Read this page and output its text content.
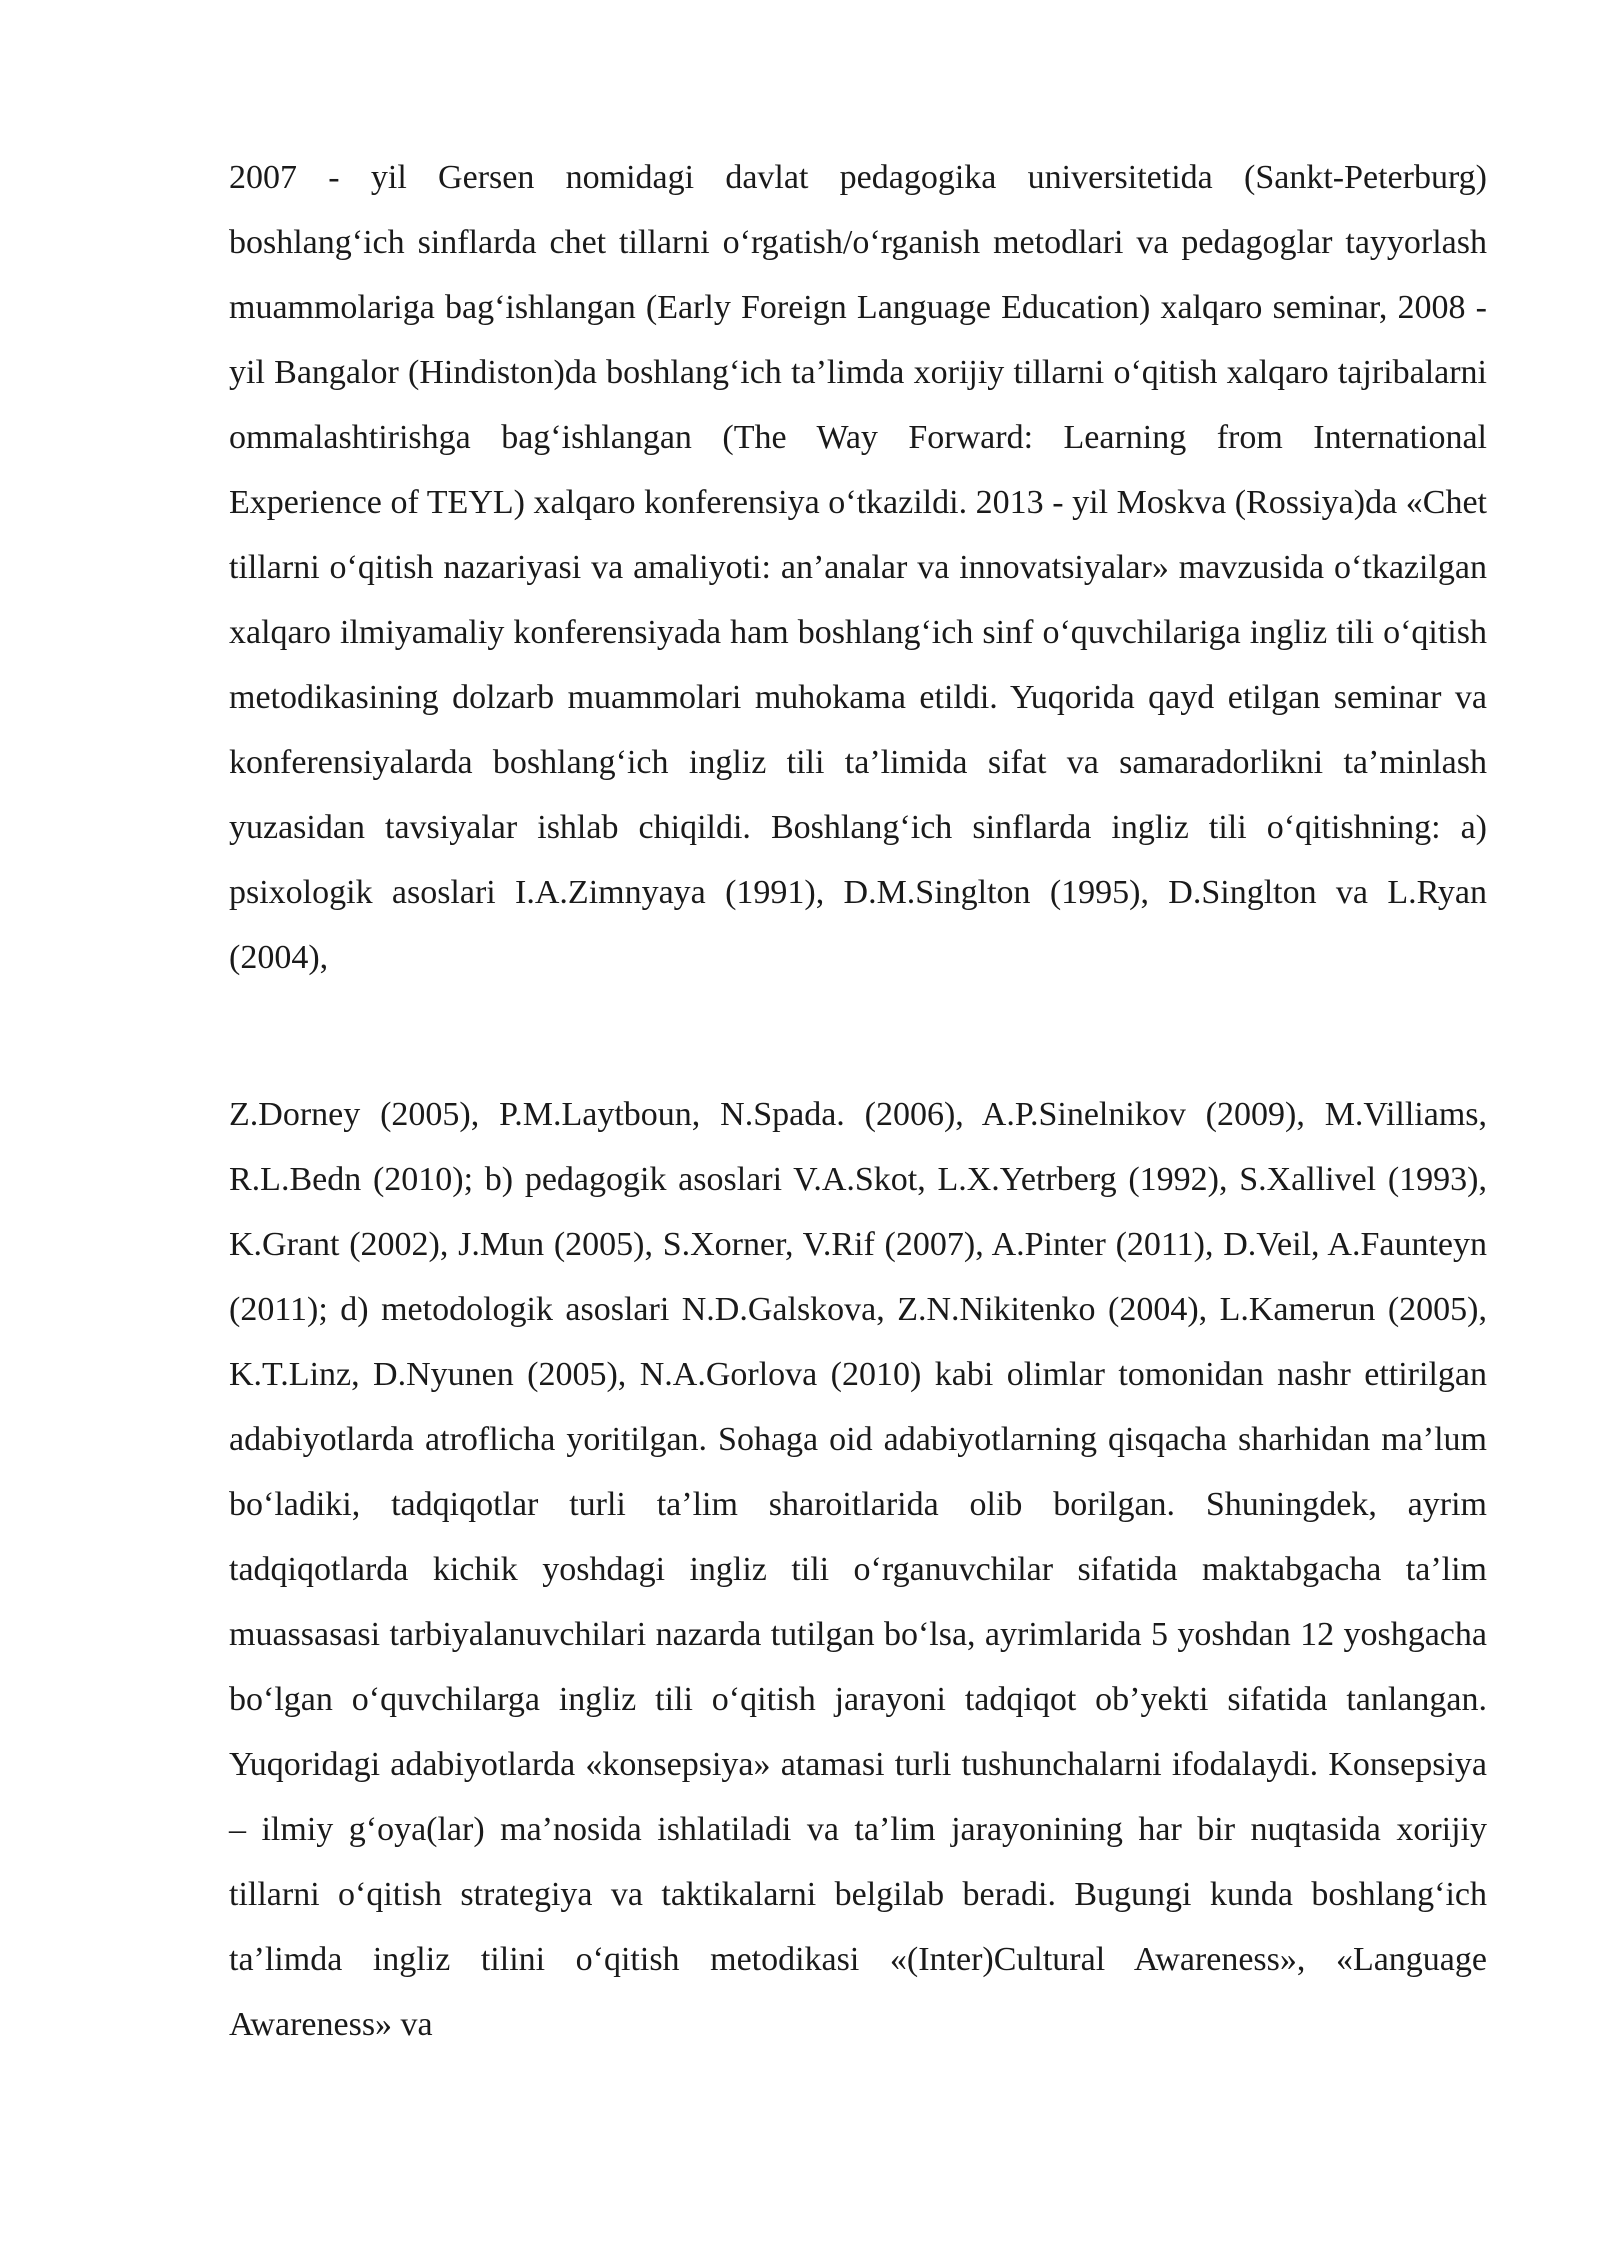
2007 - yil Gersen nomidagi davlat pedagogika universitetida (Sankt-Peterburg) boshlang‘ich sinflarda chet tillarni o‘rgatish/o‘rganish metodlari va pedagoglar tayyorlash muammolariga bag‘ishlangan (Early Foreign Language Education) xalqaro seminar, 2008 - yil Bangalor (Hindiston)da boshlang‘ich ta’limda xorijiy tillarni o‘qitish xalqaro tajribalarni ommalashtirishga bag‘ishlangan (The Way Forward: Learning from International Experience of TEYL) xalqaro konferensiya o‘tkazildi. 2013 - yil Moskva (Rossiya)da «Chet tillarni o‘qitish nazariyasi va amaliyoti: an’analar va innovatsiyalar» mavzusida o‘tkazilgan xalqaro ilmiyamaliy konferensiyada ham boshlang‘ich sinf o‘quvchilariga ingliz tili o‘qitish metodikasining dolzarb muammolari muhokama etildi. Yuqorida qayd etilgan seminar va konferensiyalarda boshlang‘ich ingliz tili ta’limida sifat va samaradorlikni ta’minlash yuzasidan tavsiyalar ishlab chiqildi. Boshlang‘ich sinflarda ingliz tili o‘qitishning: a) psixologik asoslari I.A.Zimnyaya (1991), D.M.Singlton (1995), D.Singlton va L.Ryan (2004),

Z.Dorney (2005), P.M.Laytboun, N.Spada. (2006), A.P.Sinelnikov (2009), M.Villiams, R.L.Bedn (2010); b) pedagogik asoslari V.A.Skot, L.X.Yetrberg (1992), S.Xallivel (1993), K.Grant (2002), J.Mun (2005), S.Xorner, V.Rif (2007), A.Pinter (2011), D.Veil, A.Faunteyn (2011); d) metodologik asoslari N.D.Galskova, Z.N.Nikitenko (2004), L.Kamerun (2005), K.T.Linz, D.Nyunen (2005), N.A.Gorlova (2010) kabi olimlar tomonidan nashr ettirilgan adabiyotlarda atroflicha yoritilgan. Sohaga oid adabiyotlarning qisqacha sharhidan ma’lum bo‘ladiki, tadqiqotlar turli ta’lim sharoitlarida olib borilgan. Shuningdek, ayrim tadqiqotlarda kichik yoshdagi ingliz tili o‘rganuvchilar sifatida maktabgacha ta’lim muassasasi tarbiyalanuvchilari nazarda tutilgan bo‘lsa, ayrimlarida 5 yoshdan 12 yoshgacha bo‘lgan o‘quvchilarga ingliz tili o‘qitish jarayoni tadqiqot ob’yekti sifatida tanlangan. Yuqoridagi adabiyotlarda «konsepsiya» atamasi turli tushunchalarni ifodalaydi. Konsepsiya – ilmiy g‘oya(lar) ma’nosida ishlatiladi va ta’lim jarayonining har bir nuqtasida xorijiy tillarni o‘qitish strategiya va taktikalarni belgilab beradi. Bugungi kunda boshlang‘ich ta’limda ingliz tilini o‘qitish metodikasi «(Inter)Cultural Awareness», «Language Awareness» va
